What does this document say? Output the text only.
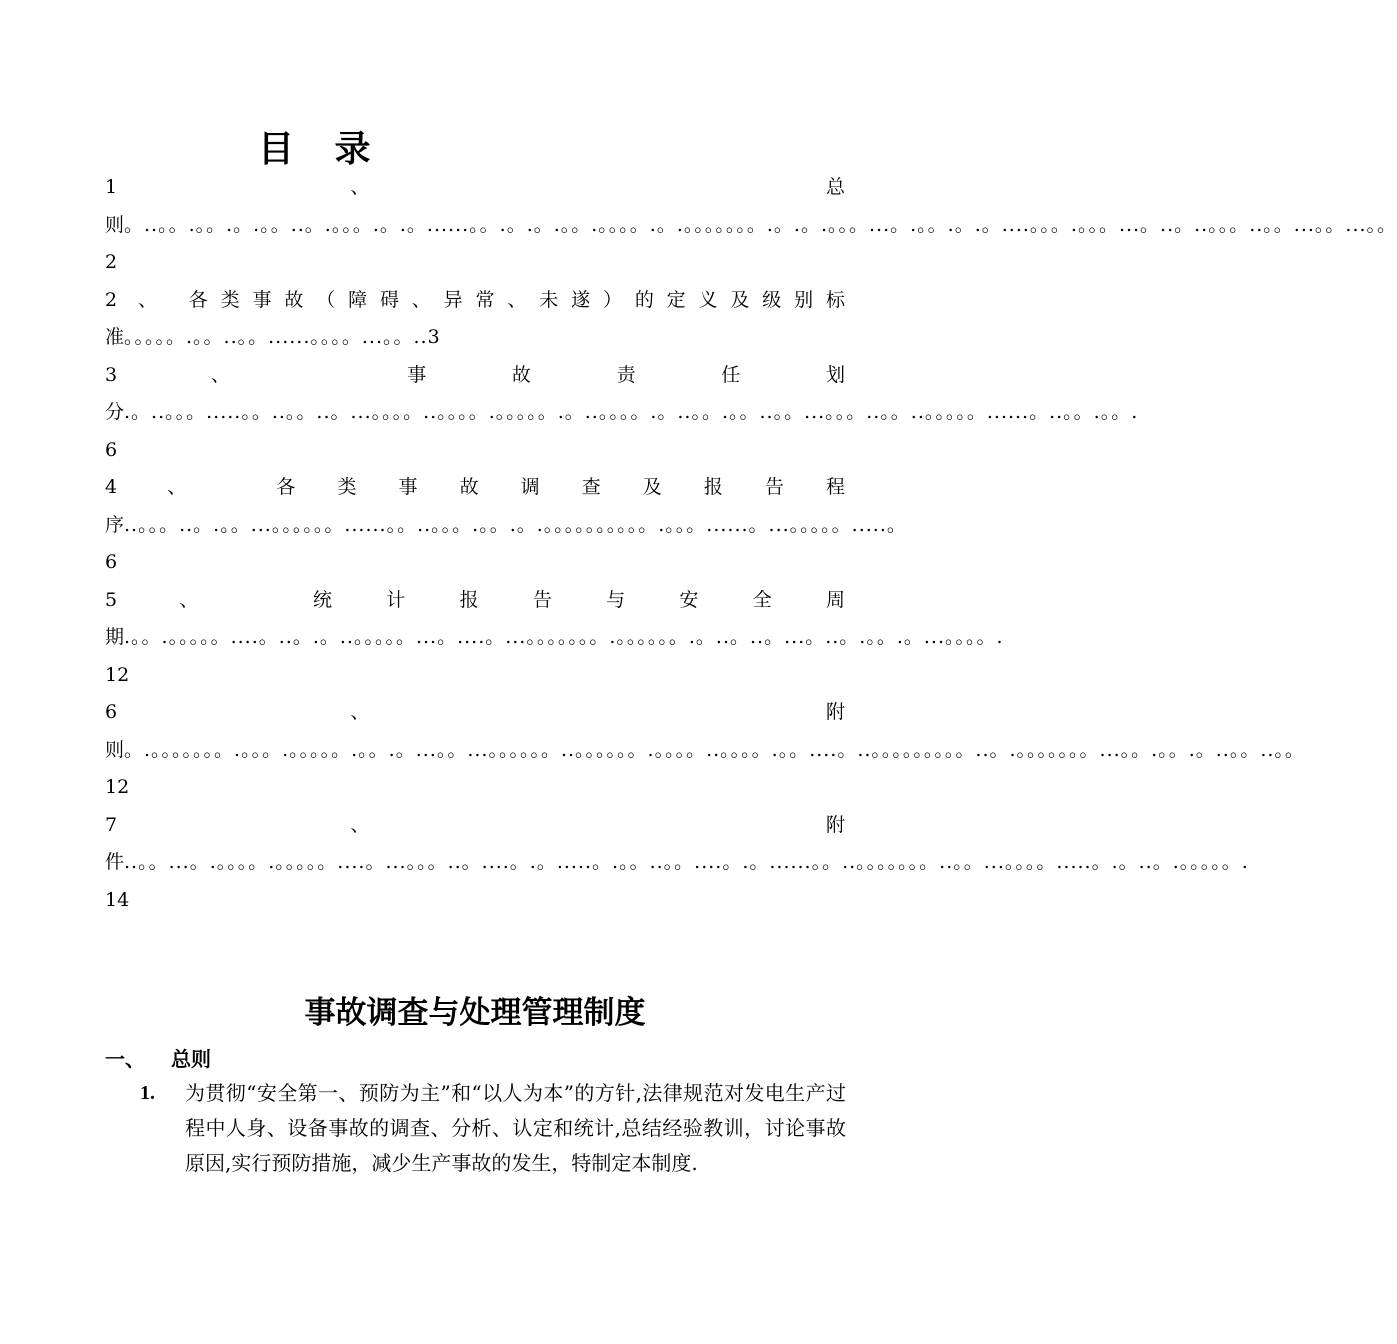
目 录
1	、	总则。..。。.。。.。.。。..。.。。。.。.。......。。.。.。.。。.。。。。.。.。。。。。。。.。.。.。。。...。.。。.。.。....。。。.。。。...。..。..。。。..。。...。。...。。2
2 、 各类事故（障碍、异常、未遂）的定义及级别标准。。。。。.。。..。。......。。。。...。。..3
3	、	事故责任划分.。..。。。.....。。..。。..。...。。。。..。。。。.。。。。。.。..。。。。.。..。。.。。..。。...。。。..。。..。。。。。......。..。。.。。.6
4	、	各类事故调查及报告程序..。。。..。.。。...。。。。。。......。。..。。。.。。.。.。。。。。。。。。。.。。。......。...。。。。。.....。6
5	、	统计报告与安全周期.。。.。。。。。....。..。.。..。。。。。...。....。...。。。。。。。.。。。。。。.。..。..。...。..。.。。.。...。。。。.12
6	、	附则。.。。。。。。。.。。。.。。。。。.。。.。...。。...。。。。。。..。。。。。。.。。。。..。。。。.。。....。..。。。。。。。。。..。.。。。。。。。...。。.。。.。..。。..。。12
7	、	附件..。。...。.。。。。.。。。。。....。...。。。..。....。.。.....。.。。..。。....。.。......。。..。。。。。。。..。。...。。。。.....。.。..。.。。。。。.14
事故调查与处理管理制度
一、 总则
1. 为贯彻“安全第一、预防为主”和“以人为本”的方针,法律规范对发电生产过程中人身、设备事故的调查、分析、认定和统计,总结经验教训，讨论事故原因,实行预防措施，减少生产事故的发生，特制定本制度.
